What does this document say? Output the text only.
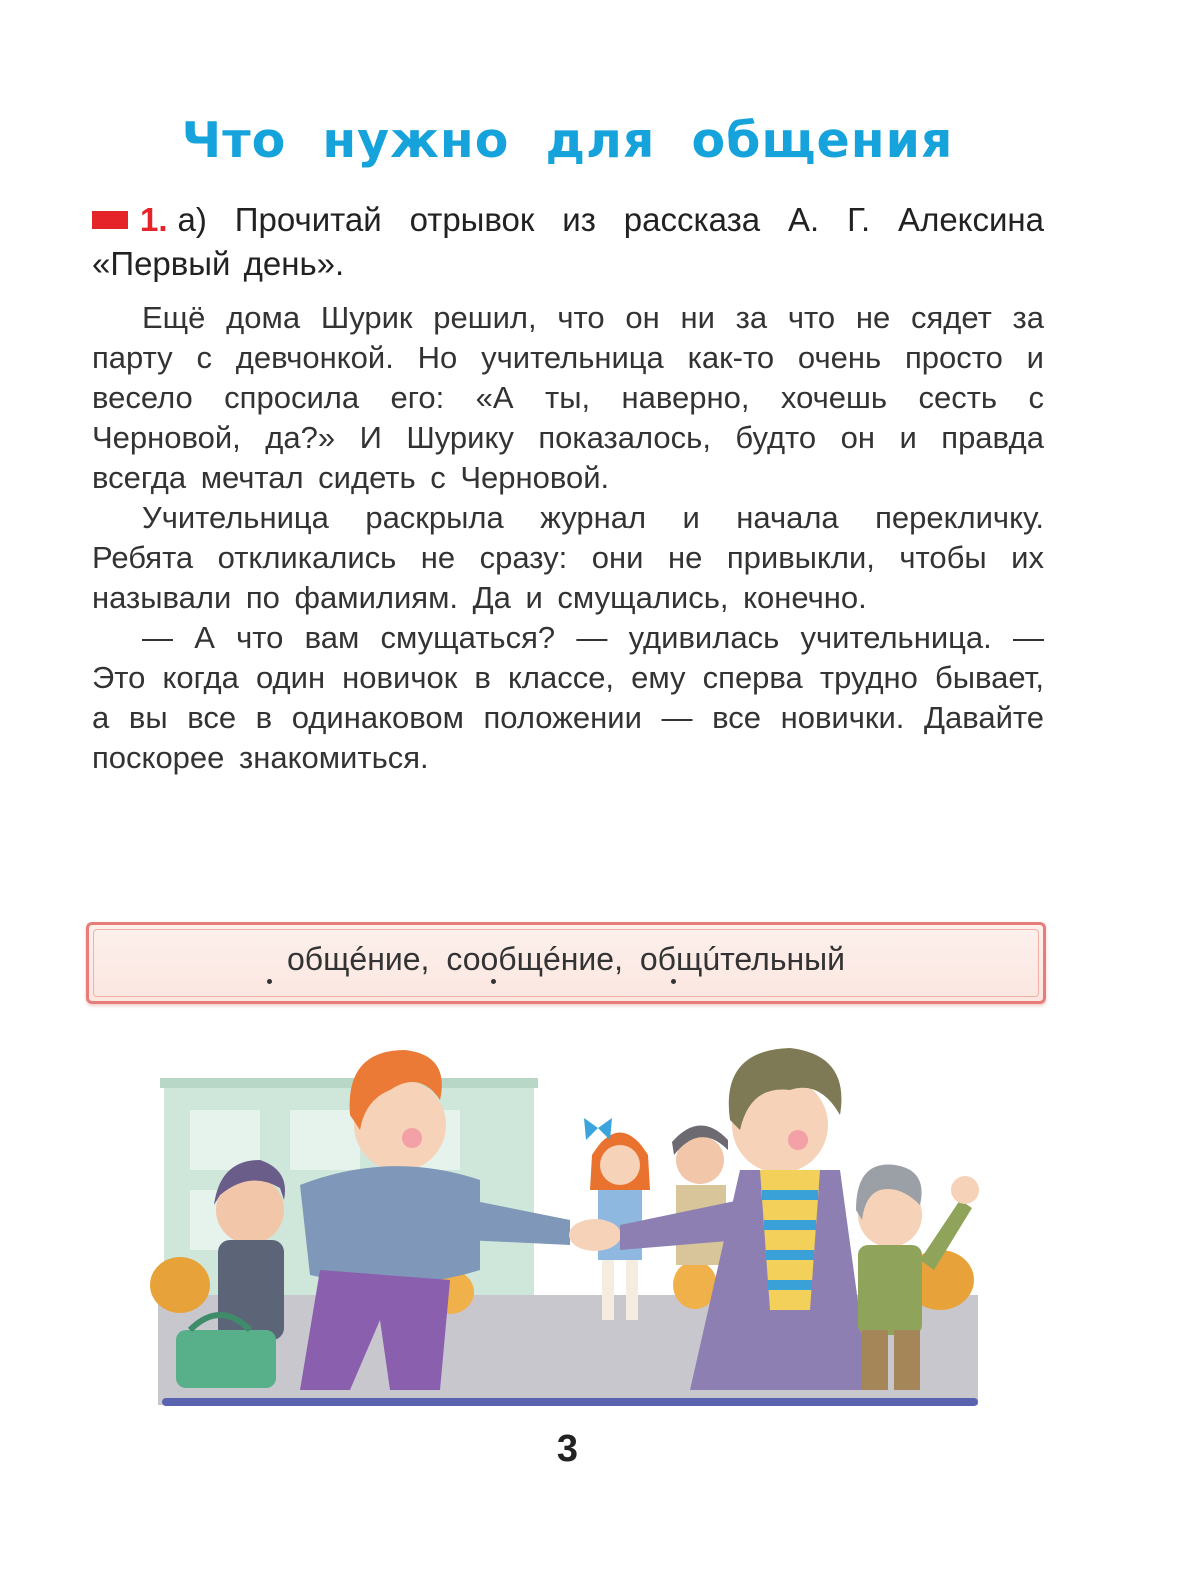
Что нужно для общения
1. а) Прочитай отрывок из рассказа А. Г. Алексина «Первый день».

Ещё дома Шурик решил, что он ни за что не сядет за парту с девчонкой. Но учительница как-то очень просто и весело спросила его: «А ты, наверно, хочешь сесть с Черновой, да?» И Шурику показалось, будто он и правда всегда мечтал сидеть с Черновой.

Учительница раскрыла журнал и начала перекличку. Ребята откликались не сразу: они не привыкли, чтобы их называли по фамилиям. Да и смущались, конечно.

— А что вам смущаться? — удивилась учительница. — Это когда один новичок в классе, ему сперва трудно бывает, а вы все в одинаковом положении — все новички. Давайте поскорее знакомиться.

общéние, сообщéние, общúтельный
3
